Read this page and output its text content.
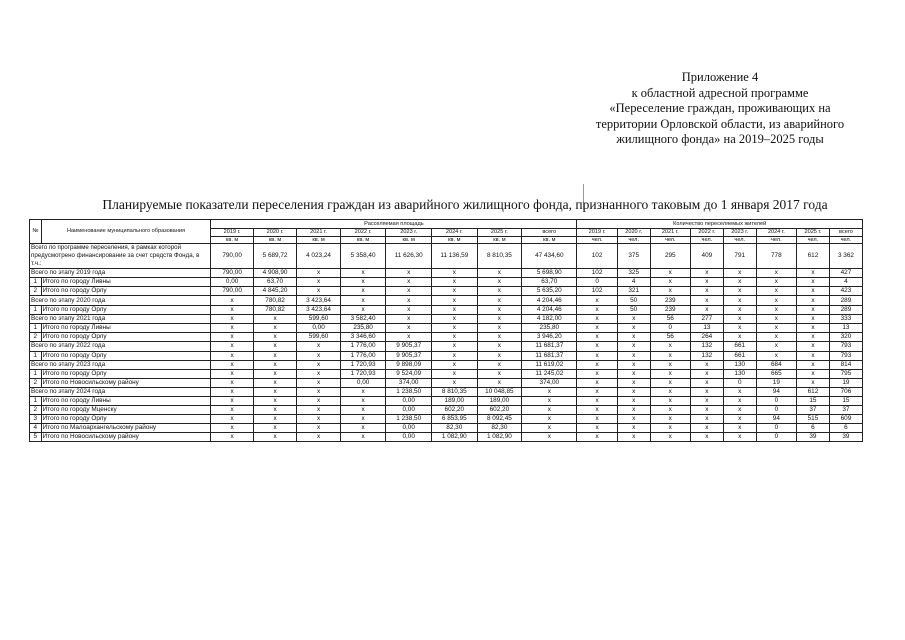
Приложение 4
к областной адресной программе
«Переселение граждан, проживающих на
территории Орловской области, из аварийного
жилищного фонда» на 2019–2025 годы
Планируемые показатели переселения граждан из аварийного жилищного фонда, признанного таковым до 1 января 2017 года
№	Наименование муниципального образования	Расселяемая площадь								Количество переселяемых жителей							
		2019 г.	2020 г.	2021 г.	2022 г.	2023 г.	2024 г.	2025 г.	всего	2019 г.	2020 г.	2021 г.	2022 г.	2023 г.	2024 г.	2025 г.	всего
		кв. м	кв. м	кв. м	кв. м	кв. м	кв. м	кв. м	кв. м	чел.	чел.	чел.	чел.	чел.	чел.	чел.	чел.
Всего по программе переселения, в рамках которой предусмотрено финансирование за счет средств Фонда, в т.ч.:		790,00	5 689,72	4 023,24	5 358,40	11 626,30	11 136,59	8 810,35	47 434,60	102	375	295	409	791	778	612	3 362
Всего по этапу 2019 года		790,00	4 908,90	x	x	x	x	x	5 698,90	102	325	x	x	x	x	x	427
1	Итого по городу Ливны	0,00	63,70	x	x	x	x	x	63,70	0	4	x	x	x	x	x	4
2	Итого по городу Орлу	790,00	4 845,20	x	x	x	x	x	5 635,20	102	321	x	x	x	x	x	423
Всего по этапу 2020 года		x	780,82	3 423,64	x	x	x	x	4 204,46	x	50	239	x	x	x	x	289
1	Итого по городу Орлу	x	780,82	3 423,64	x	x	x	x	4 204,46	x	50	239	x	x	x	x	289
Всего по этапу 2021 года		x	x	599,60	3 582,40	x	x	x	4 182,00	x	x	56	277	x	x	x	333
1	Итого по городу Ливны	x	x	0,00	235,80	x	x	x	235,80	x	x	0	13	x	x	x	13
2	Итого по городу Орлу	x	x	599,60	3 346,60	x	x	x	3 946,20	x	x	56	264	x	x	x	320
Всего по этапу 2022 года		x	x	x	1 776,00	9 905,37	x	x	11 681,37	x	x	x	132	661	x	x	793
1	Итого по городу Орлу	x	x	x	1 776,00	9 905,37	x	x	11 681,37	x	x	x	132	661	x	x	793
Всего по этапу 2023 года		x	x	x	1 720,93	9 898,09	x	x	11 619,02	x	x	x	x	130	684	x	814
1	Итого по городу Орлу	x	x	x	1 720,93	9 524,09	x	x	11 245,02	x	x	x	x	130	665	x	795
2	Итого по Новосильскому району	x	x	x	0,00	374,00	x	x	374,00	x	x	x	x	0	19	x	19
Всего по этапу 2024 года		x	x	x	x	1 238,50	8 810,35	10 048,85	x	x	x	x	x	x	94	612	706
1	Итого по городу Ливны	x	x	x	x	0,00	189,00	189,00	x	x	x	x	x	x	0	15	15
2	Итого по городу Мценску	x	x	x	x	0,00	602,20	602,20	x	x	x	x	x	x	0	37	37
3	Итого по городу Орлу	x	x	x	x	1 238,50	6 853,95	8 092,45	x	x	x	x	x	x	94	515	609
4	Итого по Малоархангельскому району	x	x	x	x	0,00	82,30	82,30	x	x	x	x	x	x	0	6	6
5	Итого по Новосильскому району	x	x	x	x	0,00	1 082,90	1 082,90	x	x	x	x	x	x	0	39	39
